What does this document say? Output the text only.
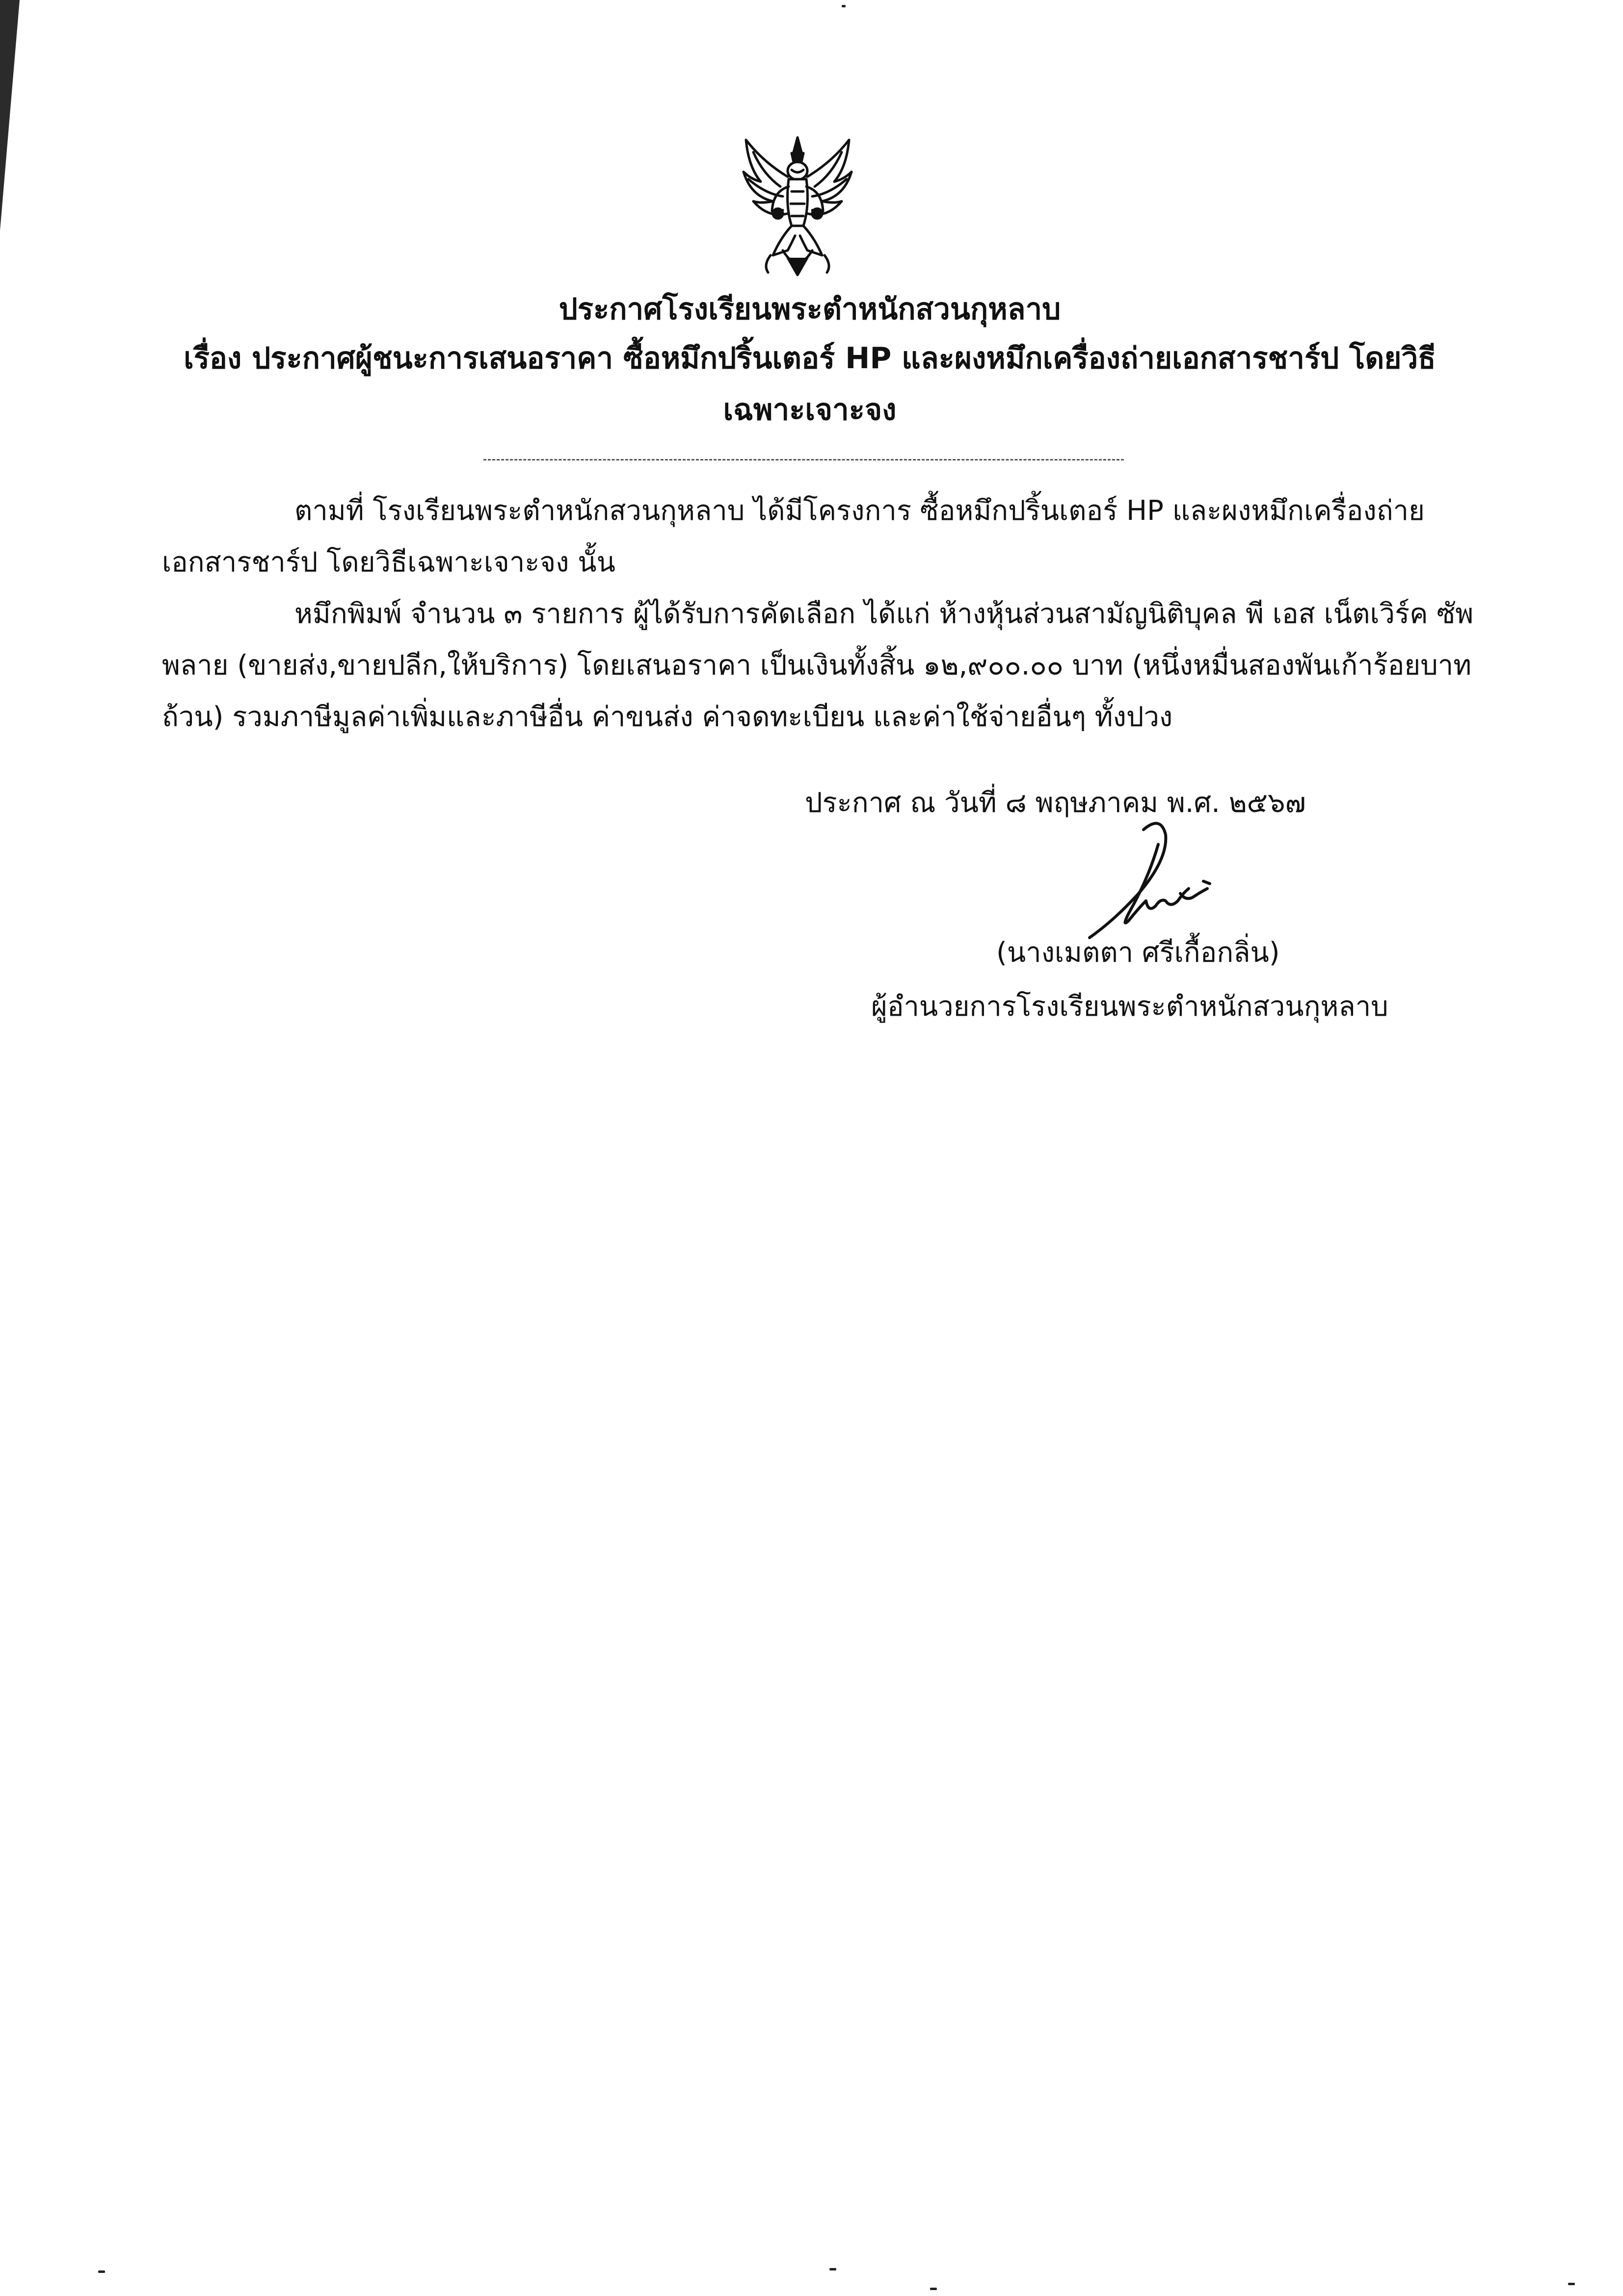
ประกาศโรงเรียนพระตำหนักสวนกุหลาบ
เรื่อง ประกาศผู้ชนะการเสนอราคา ซื้อหมึกปริ้นเตอร์ HP และผงหมึกเครื่องถ่ายเอกสารชาร์ป โดยวิธี
เฉพาะเจาะจง
ตามที่ โรงเรียนพระตำหนักสวนกุหลาบ ได้มีโครงการ ซื้อหมึกปริ้นเตอร์ HP และผงหมึกเครื่องถ่าย
เอกสารชาร์ป โดยวิธีเฉพาะเจาะจง นั้น
หมึกพิมพ์ จำนวน ๓ รายการ ผู้ได้รับการคัดเลือก ได้แก่ ห้างหุ้นส่วนสามัญนิติบุคล พี เอส เน็ตเวิร์ค ซัพ
พลาย (ขายส่ง,ขายปลีก,ให้บริการ) โดยเสนอราคา เป็นเงินทั้งสิ้น ๑๒,๙๐๐.๐๐ บาท (หนึ่งหมื่นสองพันเก้าร้อยบาท
ถ้วน) รวมภาษีมูลค่าเพิ่มและภาษีอื่น ค่าขนส่ง ค่าจดทะเบียน และค่าใช้จ่ายอื่นๆ ทั้งปวง
ประกาศ ณ วันที่ ๘ พฤษภาคม พ.ศ. ๒๕๖๗
(นางเมตตา ศรีเกื้อกลิ่น)
ผู้อำนวยการโรงเรียนพระตำหนักสวนกุหลาบ
